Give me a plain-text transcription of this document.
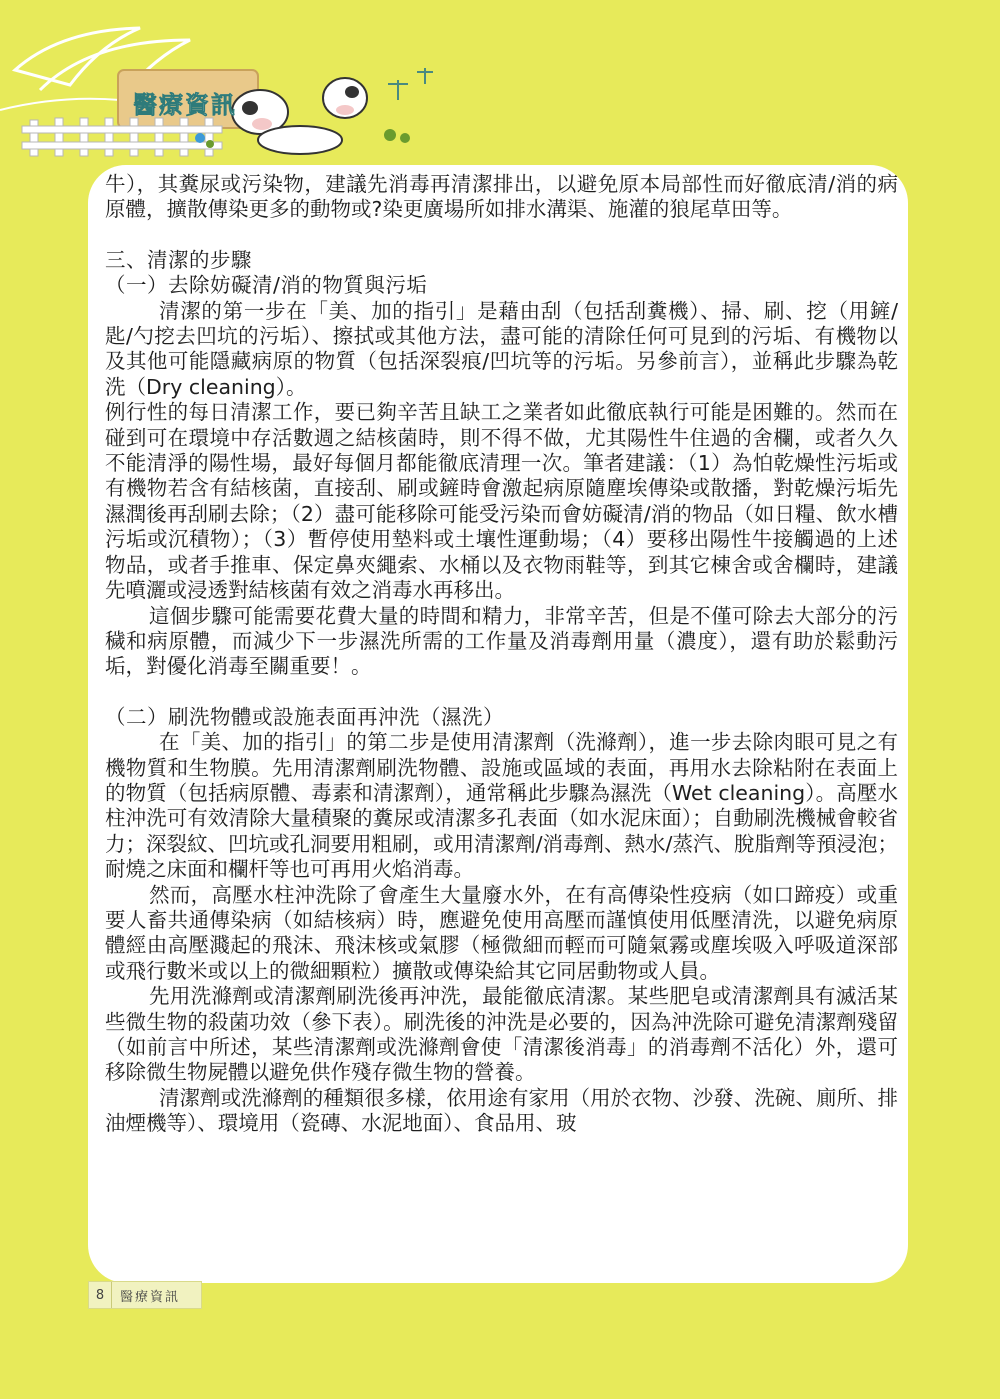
醫療資訊

牛），其糞尿或污染物，建議先消毒再清潔排出，以避免原本局部性而好徹底清/消的病原體，擴散傳染更多的動物或?染更廣場所如排水溝渠、施灌的狼尾草田等。

三、清潔的步驟

（一）去除妨礙清/消的物質與污垢

清潔的第一步在「美、加的指引」是藉由刮（包括刮糞機）、掃、刷、挖（用鏟/匙/勺挖去凹坑的污垢）、擦拭或其他方法，盡可能的清除任何可見到的污垢、有機物以及其他可能隱藏病原的物質（包括深裂痕/凹坑等的污垢。另參前言），並稱此步驟為乾洗（Dry cleaning）。

例行性的每日清潔工作，要已夠辛苦且缺工之業者如此徹底執行可能是困難的。然而在碰到可在環境中存活數週之結核菌時，則不得不做，尤其陽性牛住過的舍欄，或者久久不能清淨的陽性場，最好每個月都能徹底清理一次。筆者建議：（1）為怕乾燥性污垢或有機物若含有結核菌，直接刮、刷或鏟時會激起病原隨塵埃傳染或散播，對乾燥污垢先濕潤後再刮刷去除；（2）盡可能移除可能受污染而會妨礙清/消的物品（如日糧、飲水槽污垢或沉積物）；（3）暫停使用墊料或土壤性運動場；（4）要移出陽性牛接觸過的上述物品，或者手推車、保定鼻夾繩索、水桶以及衣物雨鞋等，到其它棟舍或舍欄時，建議先噴灑或浸透對結核菌有效之消毒水再移出。

這個步驟可能需要花費大量的時間和精力，非常辛苦，但是不僅可除去大部分的污穢和病原體，而減少下一步濕洗所需的工作量及消毒劑用量（濃度），還有助於鬆動污垢，對優化消毒至關重要！。

（二）刷洗物體或設施表面再沖洗（濕洗）

在「美、加的指引」的第二步是使用清潔劑（洗滌劑），進一步去除肉眼可見之有機物質和生物膜。先用清潔劑刷洗物體、設施或區域的表面，再用水去除粘附在表面上的物質（包括病原體、毒素和清潔劑），通常稱此步驟為濕洗（Wet cleaning）。高壓水柱沖洗可有效清除大量積聚的糞尿或清潔多孔表面（如水泥床面）；自動刷洗機械會較省力；深裂紋、凹坑或孔洞要用粗刷，或用清潔劑/消毒劑、熱水/蒸汽、脫脂劑等預浸泡；耐燒之床面和欄杆等也可再用火焰消毒。

然而，高壓水柱沖洗除了會產生大量廢水外，在有高傳染性疫病（如口蹄疫）或重要人畜共通傳染病（如結核病）時，應避免使用高壓而謹慎使用低壓清洗，以避免病原體經由高壓濺起的飛沫、飛沫核或氣膠（極微細而輕而可隨氣霧或塵埃吸入呼吸道深部或飛行數米或以上的微細顆粒）擴散或傳染給其它同居動物或人員。

先用洗滌劑或清潔劑刷洗後再沖洗，最能徹底清潔。某些肥皂或清潔劑具有滅活某些微生物的殺菌功效（參下表）。刷洗後的沖洗是必要的，因為沖洗除可避免清潔劑殘留（如前言中所述，某些清潔劑或洗滌劑會使「清潔後消毒」的消毒劑不活化）外，還可移除微生物屍體以避免供作殘存微生物的營養。

清潔劑或洗滌劑的種類很多樣，依用途有家用（用於衣物、沙發、洗碗、廁所、排油煙機等）、環境用（瓷磚、水泥地面）、食品用、玻

8	醫療資訊
